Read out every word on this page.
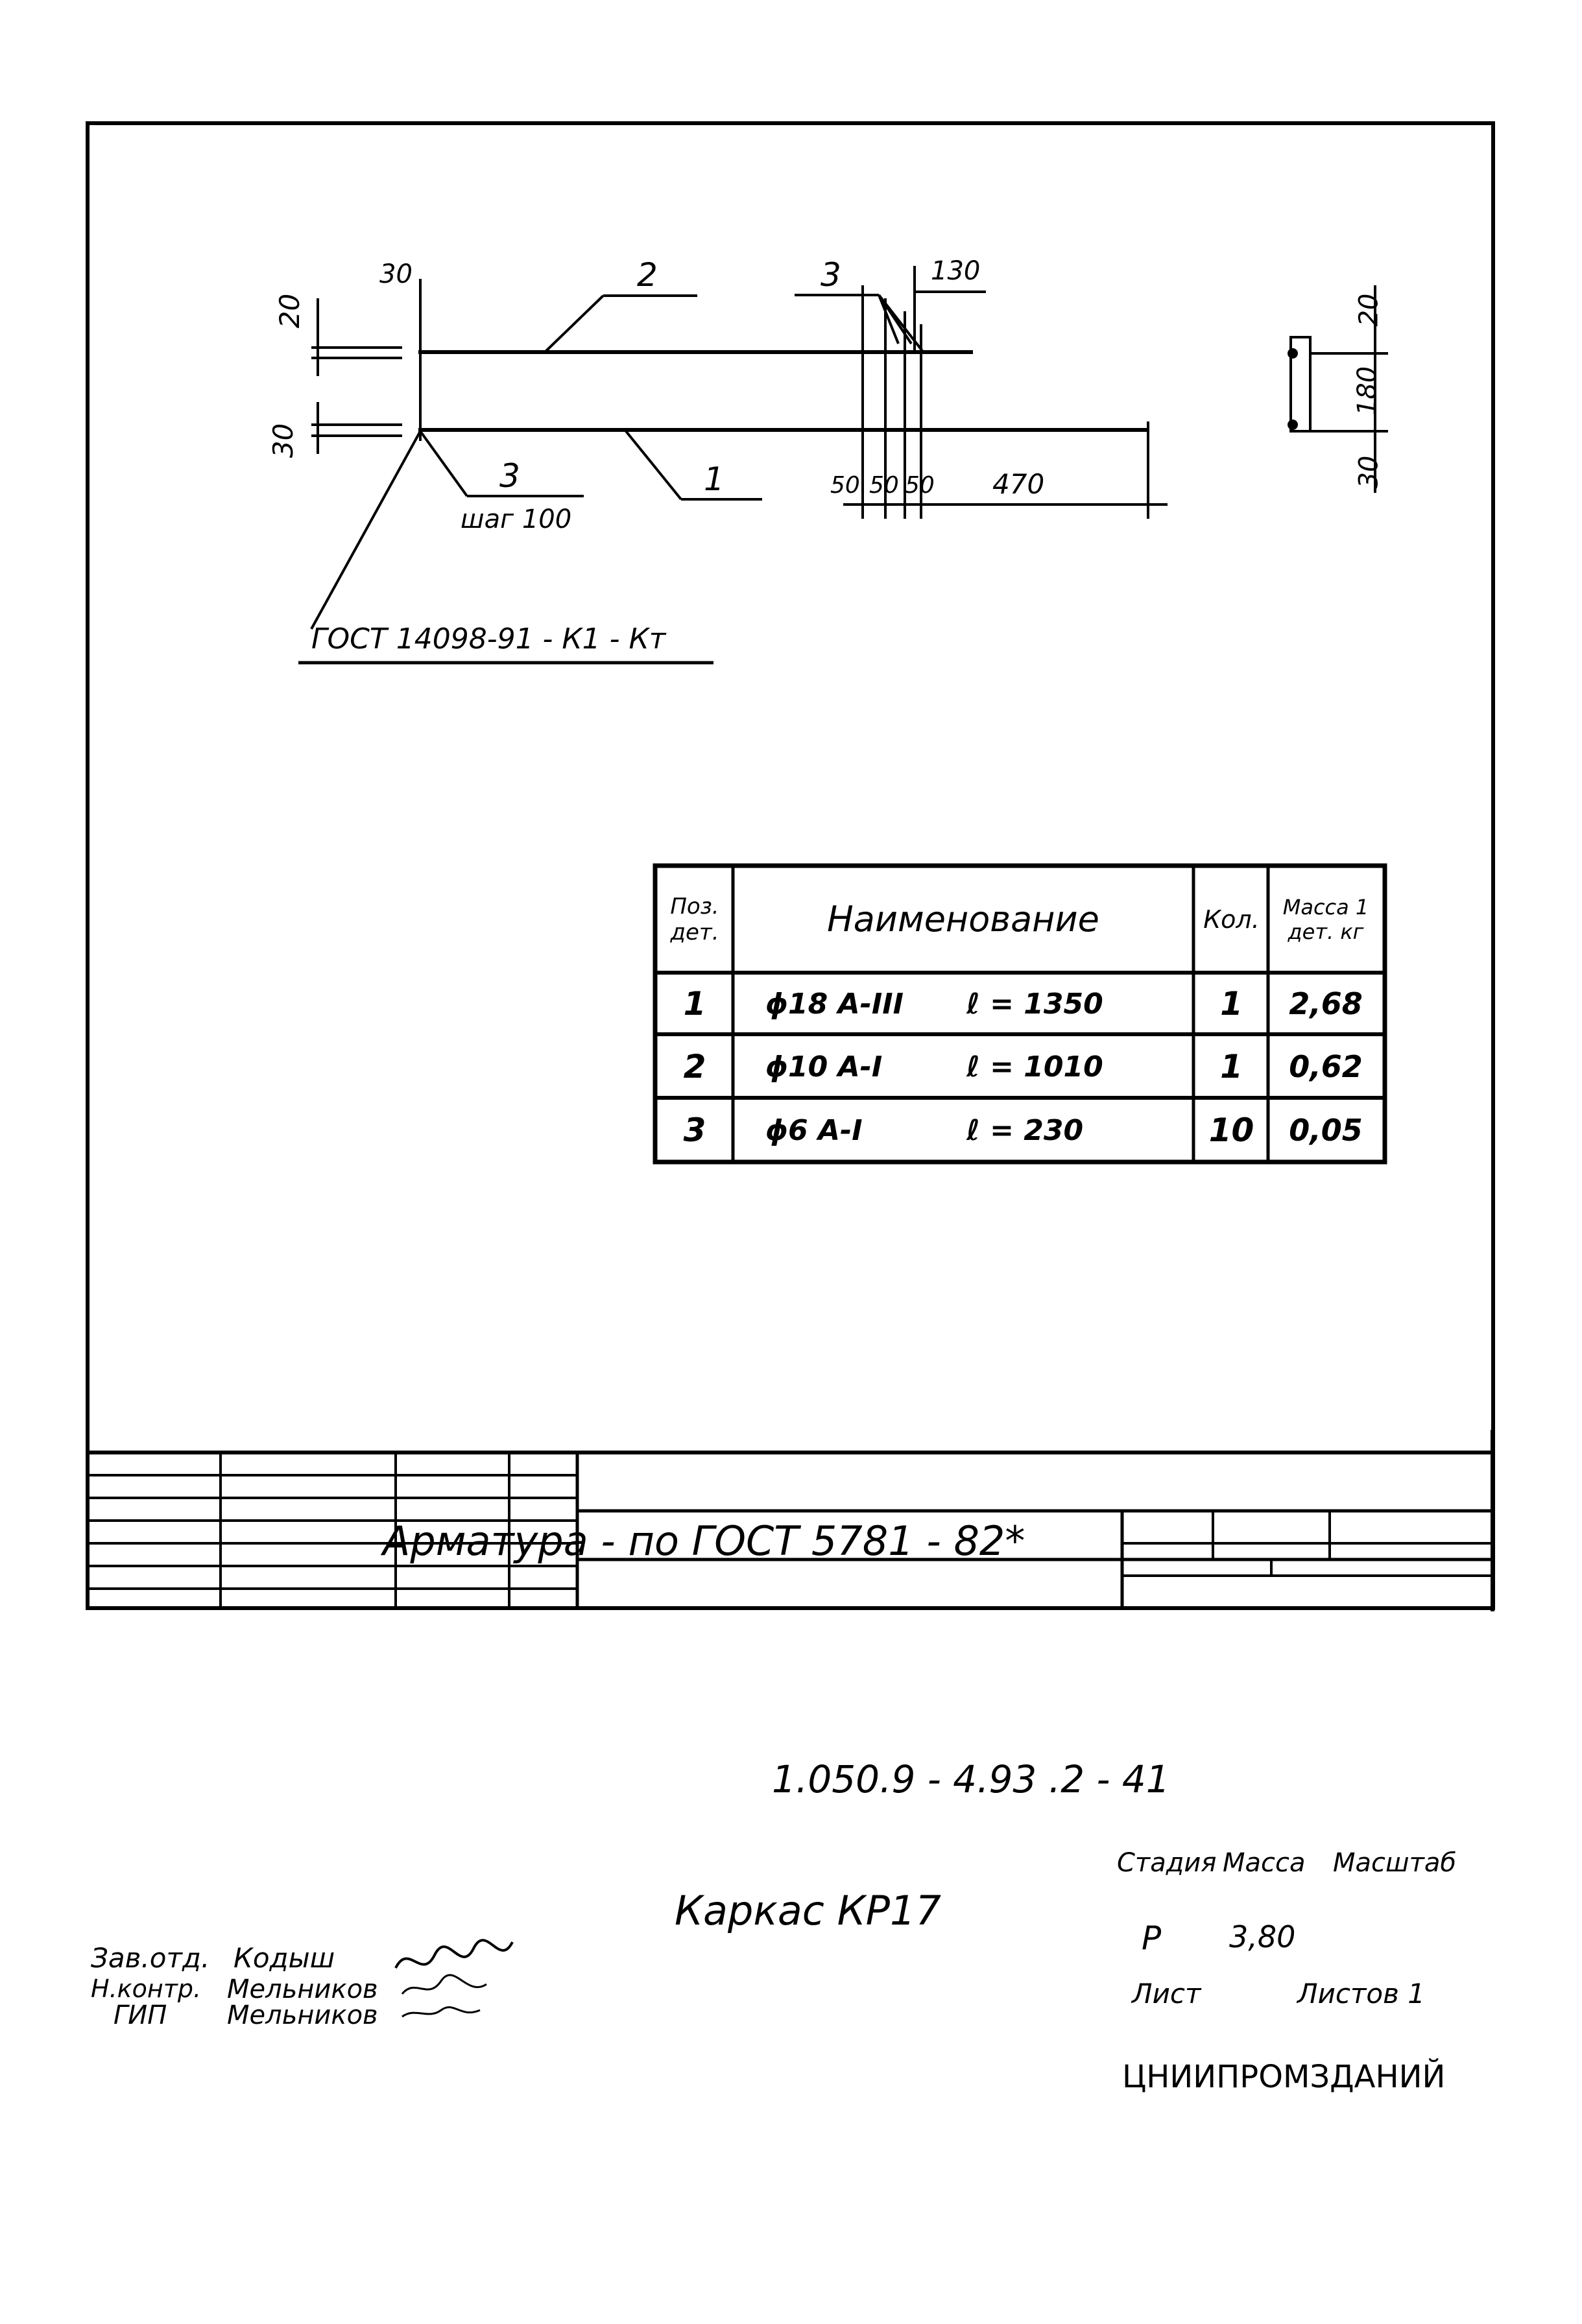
20
30	2	3	130
30
3
шаг 100
1	50 50 50 470
ГОСТ 14098-91 - К1 - Кт
20
180
30
Поз. дет.	Наименование	Кол.	Масса 1 дет. кг
1	ϕ18 A-III	ℓ = 1350	1	2,68
2	ϕ10 A-I	ℓ = 1010	1	0,62
3	ϕ6 A-I	ℓ = 230	10	0,05
Арматура - по ГОСТ 5781 - 82*
1.050.9 - 4.93 .2 - 41
Каркас КР17
Стадия Масса Масштаб
Р 3,80
Лист	Листов 1
ЦНИИПРОМЗДАНИЙ
Зав.отд. Кодыш
Н.контр. Мельников
ГИП Мельников
